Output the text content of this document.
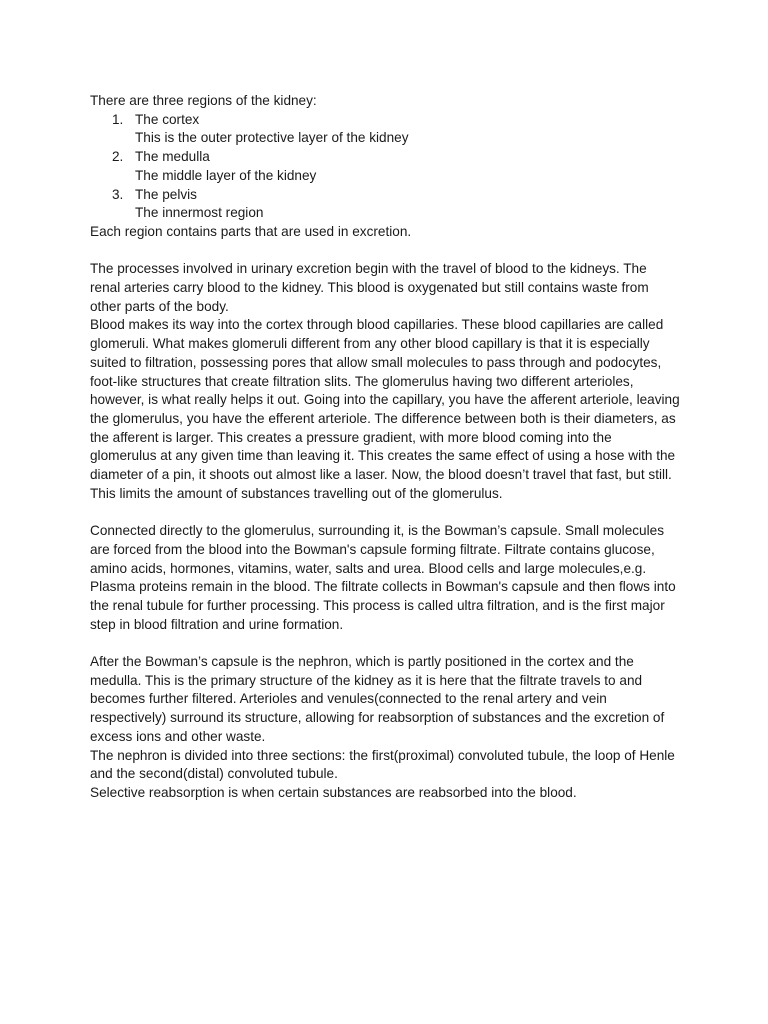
There are three regions of the kidney:

1. The cortex
This is the outer protective layer of the kidney
2. The medulla
The middle layer of the kidney
3. The pelvis
The innermost region

Each region contains parts that are used in excretion.

The processes involved in urinary excretion begin with the travel of blood to the kidneys. The renal arteries carry blood to the kidney. This blood is oxygenated but still contains waste from other parts of the body.

Blood makes its way into the cortex through blood capillaries. These blood capillaries are called glomeruli. What makes glomeruli different from any other blood capillary is that it is especially suited to filtration, possessing pores that allow small molecules to pass through and podocytes, foot-like structures that create filtration slits. The glomerulus having two different arterioles, however, is what really helps it out. Going into the capillary, you have the afferent arteriole, leaving the glomerulus, you have the efferent arteriole. The difference between both is their diameters, as the afferent is larger. This creates a pressure gradient, with more blood coming into the glomerulus at any given time than leaving it. This creates the same effect of using a hose with the diameter of a pin, it shoots out almost like a laser. Now, the blood doesn’t travel that fast, but still. This limits the amount of substances travelling out of the glomerulus.

Connected directly to the glomerulus, surrounding it, is the Bowman’s capsule. Small molecules are forced from the blood into the Bowman's capsule forming filtrate. Filtrate contains glucose, amino acids, hormones, vitamins, water, salts and urea. Blood cells and large molecules,e.g. Plasma proteins remain in the blood. The filtrate collects in Bowman's capsule and then flows into the renal tubule for further processing. This process is called ultra filtration, and is the first major step in blood filtration and urine formation.

After the Bowman’s capsule is the nephron, which is partly positioned in the cortex and the medulla. This is the primary structure of the kidney as it is here that the filtrate travels to and becomes further filtered. Arterioles and venules(connected to the renal artery and vein respectively) surround its structure, allowing for reabsorption of substances and the excretion of excess ions and other waste.

The nephron is divided into three sections: the first(proximal) convoluted tubule, the loop of Henle and the second(distal) convoluted tubule.

Selective reabsorption is when certain substances are reabsorbed into the blood.
